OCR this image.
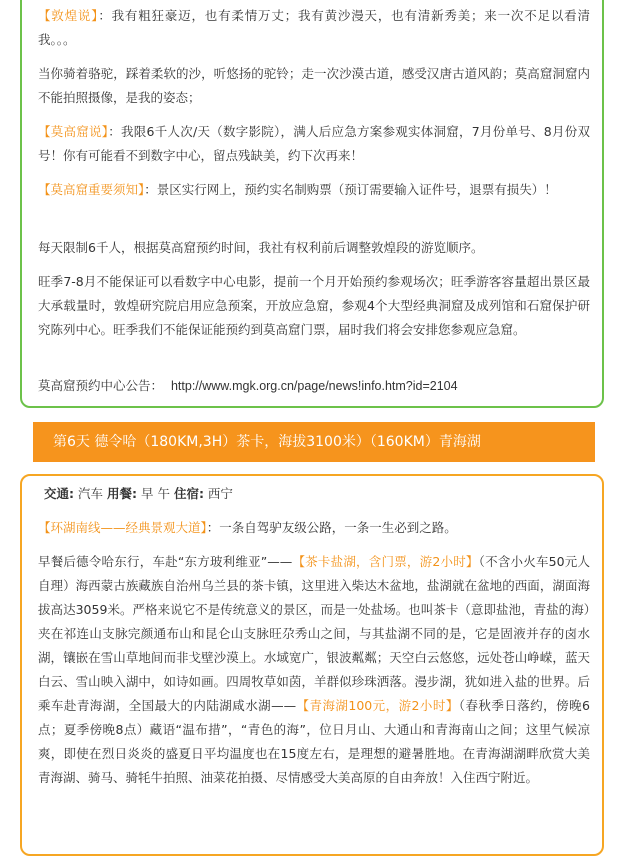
【敦煌说】：我有粗狂豪迈，也有柔情万丈；我有黄沙漫天，也有清新秀美；来一次不足以看清我。。。

当你骑着骆驼，踩着柔软的沙，听悠扬的驼铃；走一次沙漠古道，感受汉唐古道风韵；莫高窟洞窟内不能拍照摄像，是我的姿态；

【莫高窟说】：我限6千人次/天（数字影院），满人后应急方案参观实体洞窟，7月份单号、8月份双号！你有可能看不到数字中心，留点残缺美，约下次再来！

【莫高窟重要须知】：景区实行网上，预约实名制购票（预订需要输入证件号，退票有损失）！

每天限制6千人，根据莫高窟预约时间，我社有权利前后调整敦煌段的游览顺序。

旺季7-8月不能保证可以看数字中心电影，提前一个月开始预约参观场次；旺季游客容量超出景区最大承载量时，敦煌研究院启用应急预案，开放应急窟，参观4个大型经典洞窟及成列馆和石窟保护研究陈列中心。旺季我们不能保证能预约到莫高窟门票，届时我们将会安排您参观应急窟。

莫高窟预约中心公告： http://www.mgk.org.cn/page/news!info.htm?id=2104

第6天 德令哈（180KM,3H）茶卡，海拔3100米）（160KM）青海湖
交通: 汽车 用餐: 早 午 住宿: 西宁

【环湖南线——经典景观大道】：一条自驾驴友级公路，一条一生必到之路。

早餐后德令哈东行，车赴“东方玻利维亚”——【茶卡盐湖，含门票，游2小时】（不含小火车50元人自理）海西蒙古族藏族自治州乌兰县的茶卡镇，这里进入柴达木盆地，盐湖就在盆地的西面，湖面海拔高达3059米。严格来说它不是传统意义的景区，而是一处盐场。也叫茶卡（意即盐池，青盐的海）夹在祁连山支脉完颜通布山和昆仑山支脉旺尕秀山之间，与其盐湖不同的是，它是固液并存的卤水湖，镶嵌在雪山草地间而非戈壁沙漠上。水域宽广，银波粼粼；天空白云悠悠，远处苍山峥嵘，蓝天白云、雪山映入湖中，如诗如画。四周牧草如茵，羊群似珍珠洒落。漫步湖，犹如进入盐的世界。后乘车赴青海湖，全国最大的内陆湖咸水湖——【青海湖100元，游2小时】（春秋季日落约，傍晚6点；夏季傍晚8点）藏语“温布措”，“青色的海”，位日月山、大通山和青海南山之间；这里气候凉爽，即使在烈日炎炎的盛夏日平均温度也在15度左右，是理想的避暑胜地。在青海湖湖畔欣赏大美青海湖、骑马、骑牦牛拍照、油菜花拍摄、尽情感受大美高原的自由奔放！入住西宁附近。
